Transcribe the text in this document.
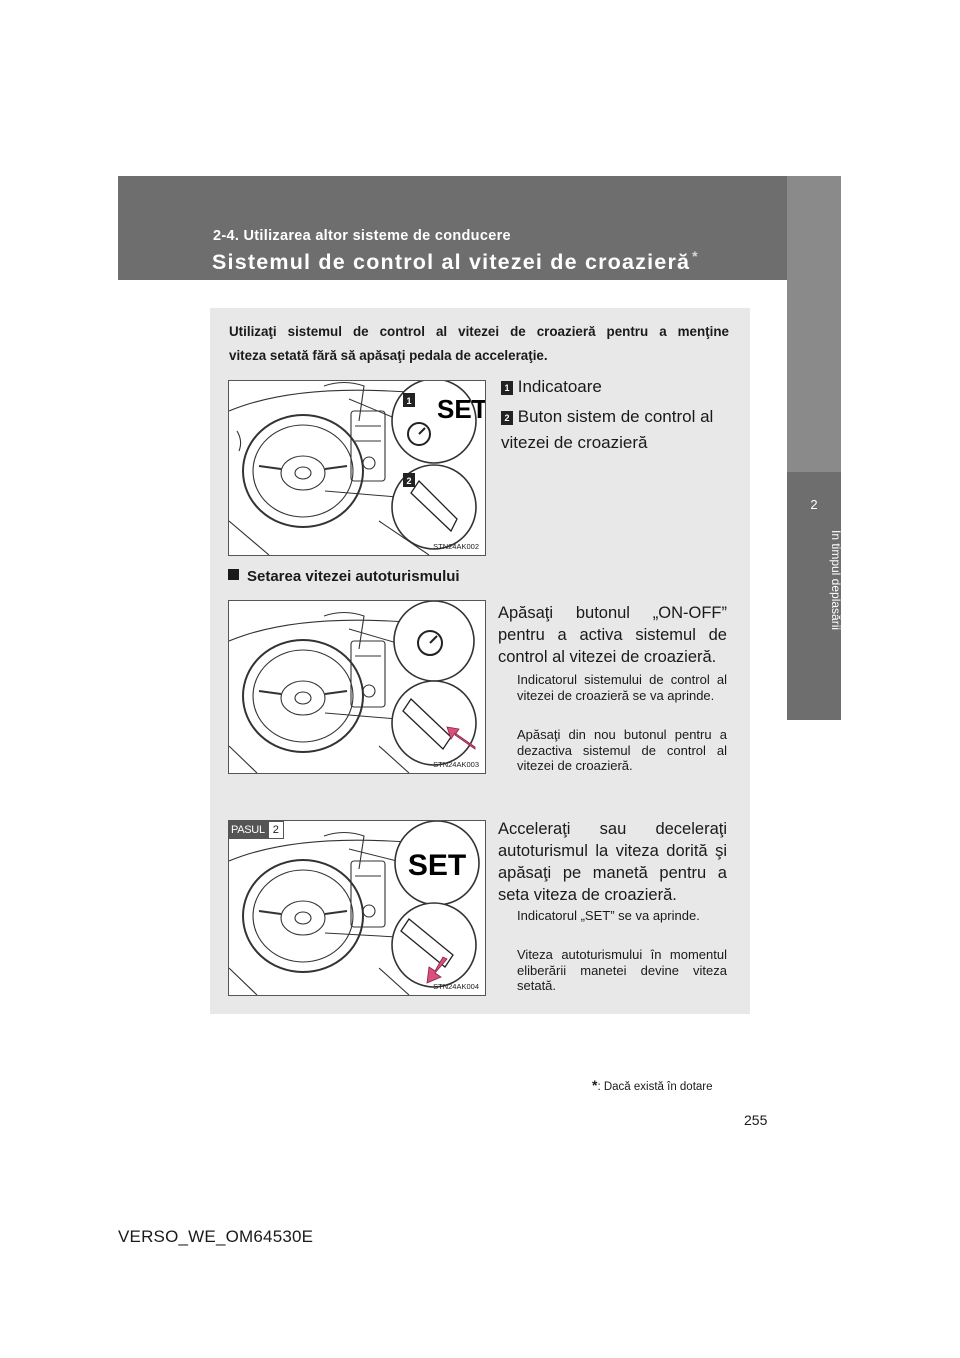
2-4. Utilizarea altor sisteme de conducere
Sistemul de control al vitezei de croazieră *
2
În timpul deplasării
Utilizaţi sistemul de control al vitezei de croazieră pentru a menţine
viteza setată fără să apăsaţi pedala de acceleraţie.
SET
1
2
STN24AK002
1 Indicatoare
2 Buton sistem de control al vitezei de croazieră
Setarea vitezei autoturismului
STN24AK003
Apăsaţi butonul „ON-OFF” pentru a activa sistemul de control al vitezei de croazieră.
Indicatorul sistemului de control al vitezei de croazieră se va aprinde.
Apăsaţi din nou butonul pentru a dezactiva sistemul de control al vitezei de croazieră.
SET
STN24AK004
PASUL 2	Acceleraţi sau deceleraţi autoturismul la viteza dorită şi apăsaţi pe manetă pentru a seta viteza de croazieră.
Indicatorul „SET” se va aprinde.
Viteza autoturismului în momentul eliberării manetei devine viteza setată.
*: Dacă există în dotare
255
VERSO_WE_OM64530E
